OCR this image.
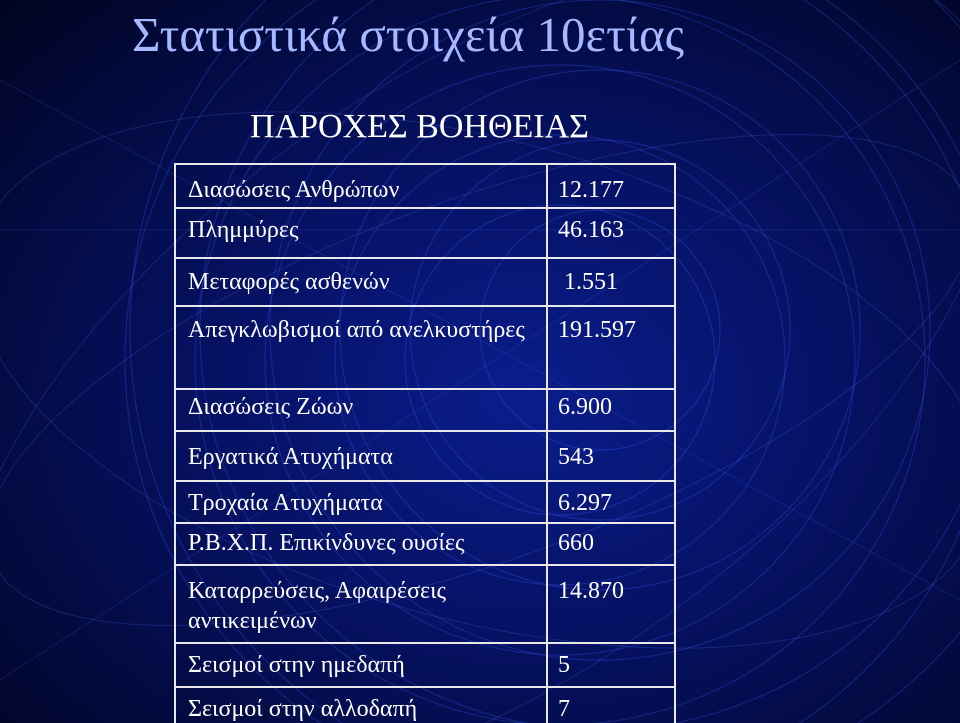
Στατιστικά στοιχεία 10ετίας
ΠΑΡΟΧΕΣ ΒΟΗΘΕΙΑΣ
Διασώσεις Ανθρώπων	12.177
Πλημμύρες	46.163
Μεταφορές ασθενών	1.551
Απεγκλωβισμοί από ανελκυστήρες	191.597
Διασώσεις Ζώων	6.900
Εργατικά Ατυχήματα	543
Τροχαία Ατυχήματα	6.297
Ρ.Β.Χ.Π. Επικίνδυνες ουσίες	660
Καταρρεύσεις, Αφαιρέσεις αντικειμένων	14.870
Σεισμοί στην ημεδαπή	5
Σεισμοί στην αλλοδαπή	7
